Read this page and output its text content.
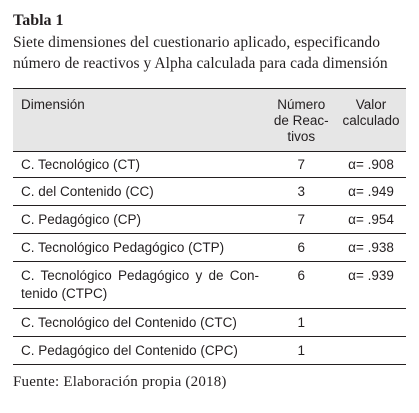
Tabla 1
Siete dimensiones del cuestionario aplicado, especificando número de reactivos y Alpha calculada para cada dimensión
Dimensión	Número de Reac-tivos	Valor calculado

C. Tecnológico (CT)	7	α= .908
C. del Contenido (CC)	3	α= .949
C. Pedagógico (CP)	7	α= .954
C. Tecnológico Pedagógico (CTP)	6	α= .938

C. Tecnológico Pedagógico y de Con-tenido (CTPC)	6	α= .939
C. Tecnológico del Contenido (CTC)	1	
C. Pedagógico del Contenido (CPC)	1	
Fuente: Elaboración propia (2018)
